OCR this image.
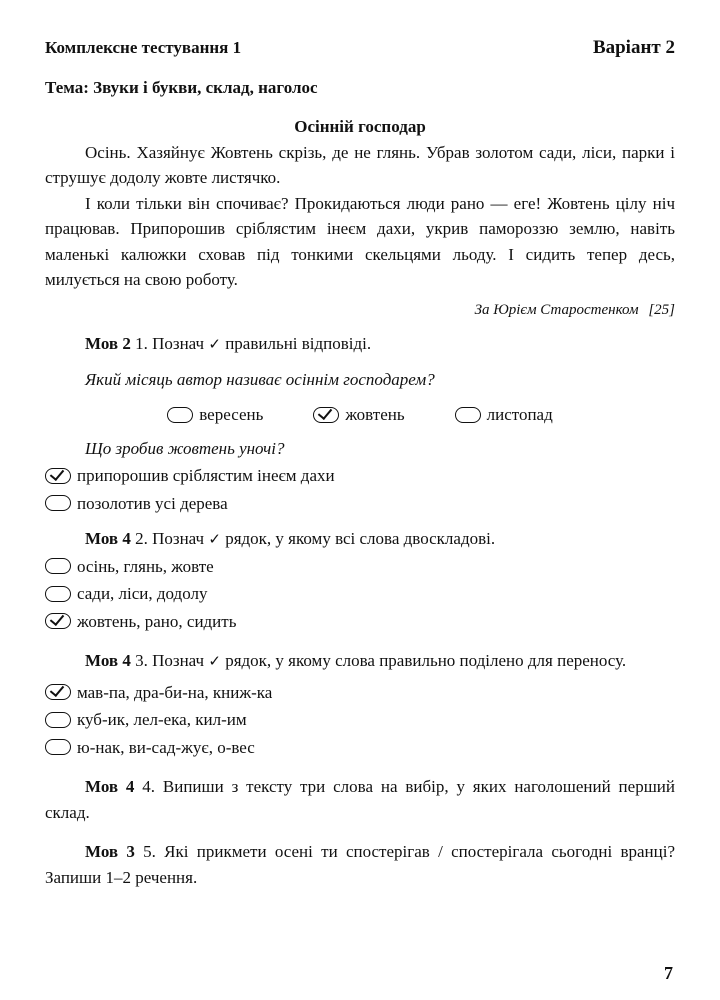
Комплексне тестування 1	Варіант 2
Тема: Звуки і букви, склад, наголос
Осінній господар

Осінь. Хазяйнує Жовтень скрізь, де не глянь. Убрав золотом сади, ліси, парки і струшує додолу жовте листячко.

І коли тільки він спочиває? Прокидаються люди рано — еге! Жовтень цілу ніч працював. Припорошив сріблястим інеєм дахи, укрив памороззю землю, навіть маленькі калюжки сховав під тонкими скельцями льоду. І сидить тепер десь, милується на свою роботу.

За Юрієм Старостенком [25]

Мов 2 1. Познач ✓ правильні відповіді.

Який місяць автор називає осіннім господарем?

вересень	жовтень	листопад

Що зробив жовтень уночі?

припорошив сріблястим інеєм дахи
позолотив усі дерева

Мов 4 2. Познач ✓ рядок, у якому всі слова двоскладові.

осінь, глянь, жовте
сади, ліси, додолу
жовтень, рано, сидить

Мов 4 3. Познач ✓ рядок, у якому слова правильно поділено для переносу.

мав-па, дра-би-на, книж-ка
куб-ик, лел-ека, кил-им
ю-нак, ви-сад-жує, о-вес

Мов 4 4. Випиши з тексту три слова на вибір, у яких наголошений перший склад.

Мов 3 5. Які прикмети осені ти спостерігав / спостерігала сьогодні вранці? Запиши 1–2 речення.

7
